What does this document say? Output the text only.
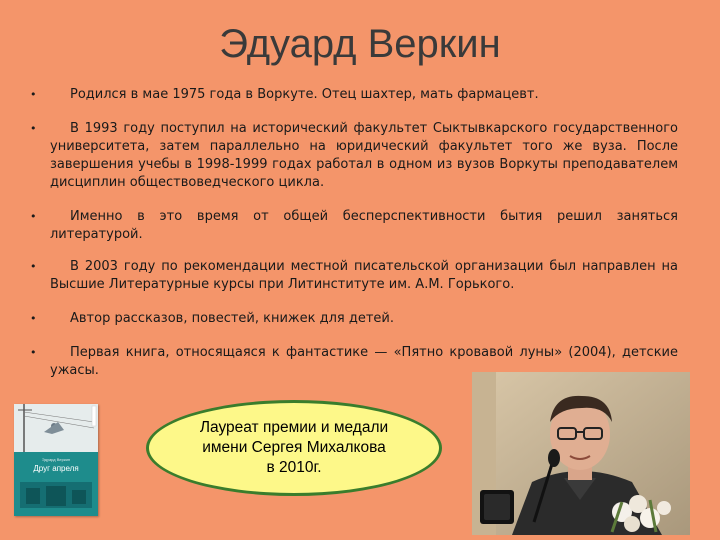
Эдуард Веркин
•	Родился в мае 1975 года в Воркуте. Отец шахтер, мать фармацевт.
•	В 1993 году поступил на исторический факультет Сыктывкарского государственного университета, затем параллельно на юридический факультет того же вуза. После завершения учебы в 1998-1999 годах работал в одном из вузов Воркуты преподавателем дисциплин обществоведческого цикла.
•	Именно в это время от общей бесперспективности бытия решил заняться литературой.
•	В 2003 году по рекомендации местной писательской организации был направлен на Высшие Литературные курсы при Литинституте им. А.М. Горького.
•	Автор рассказов, повестей, книжек для детей.
•	Первая книга, относящаяся к фантастике — «Пятно кровавой луны» (2004), детские ужасы.
Эдуард Веркин
Друг апреля
Лауреат премии и медали имени Сергея Михалкова в 2010г.
